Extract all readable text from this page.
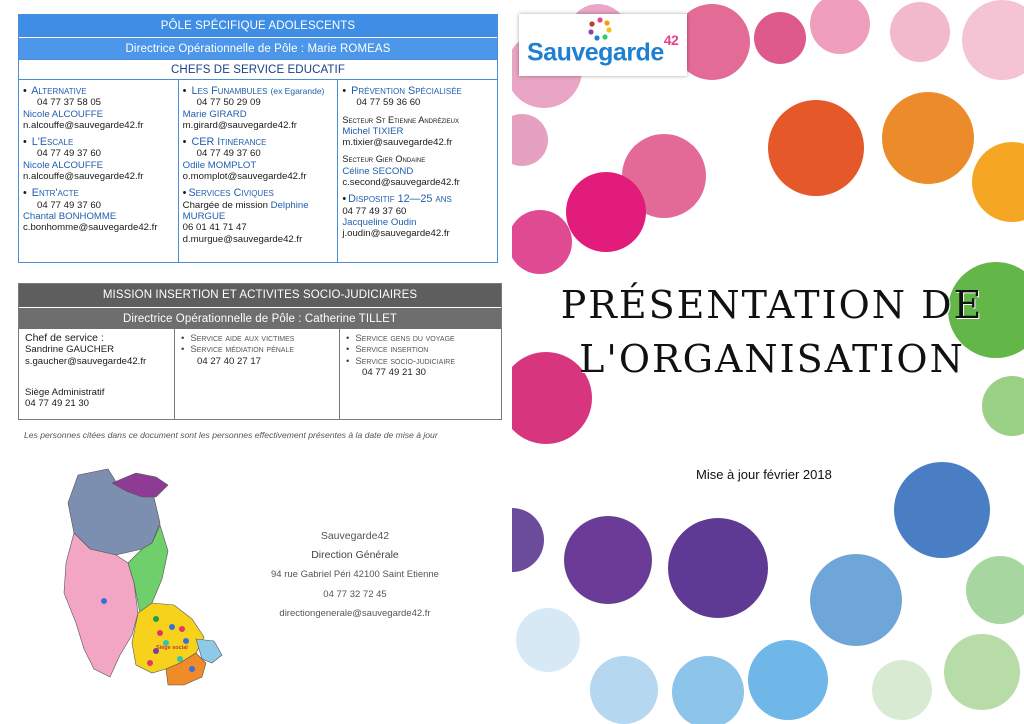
PÔLE SPÉCIFIQUE ADOLESCENTS
Directrice Opérationnelle de Pôle : Marie ROMEAS
CHEFS DE SERVICE EDUCATIF
• Alternative
04 77 37 58 05
Nicole ALCOUFFE
n.alcouffe@sauvegarde42.fr
• L'Escale
04 77 49 37 60
Nicole ALCOUFFE
n.alcouffe@sauvegarde42.fr
• Entr'acte
04 77 49 37 60
Chantal BONHOMME
c.bonhomme@sauvegarde42.fr
• Les Funambules (ex Egarande)
04 77 50 29 09
Marie GIRARD
m.girard@sauvegarde42.fr
• CER Itinérance
04 77 49 37 60
Odile MOMPLOT
o.momplot@sauvegarde42.fr
• Services Civiques
Chargée de mission Delphine MURGUE
06 01 41 71 47
d.murgue@sauvegarde42.fr
• Prévention Spécialisée
04 77 59 36 60
Secteur St Etienne Andrézieux
Michel TIXIER
m.tixier@sauvegarde42.fr
Secteur Gier Ondaine
Céline SECOND
c.second@sauvegarde42.fr
• Dispositif 12—25 ans
04 77 49 37 60
Jacqueline Oudin
j.oudin@sauvegarde42.fr
MISSION INSERTION ET ACTIVITES SOCIO-JUDICIAIRES
Directrice Opérationnelle de Pôle : Catherine TILLET
Chef de service :
Sandrine GAUCHER
s.gaucher@sauvegarde42.fr
Siège Administratif
04 77 49 21 30
• Service aide aux victimes
• Service médiation pénale
04 27 40 27 17
• Service gens du voyage
• Service insertion
• Service socio-judiciaire
04 77 49 21 30
Les personnes citées dans ce document sont les personnes effectivement présentes à la date de mise à jour
Siège social
Sauvegarde42
Direction Générale
94 rue Gabriel Péri 42100 Saint Etienne
04 77 32 72 45
directiongenerale@sauvegarde42.fr
Sauvegarde$^{42}$
PRÉSENTATION DE
L'ORGANISATION
Mise à jour février 2018
